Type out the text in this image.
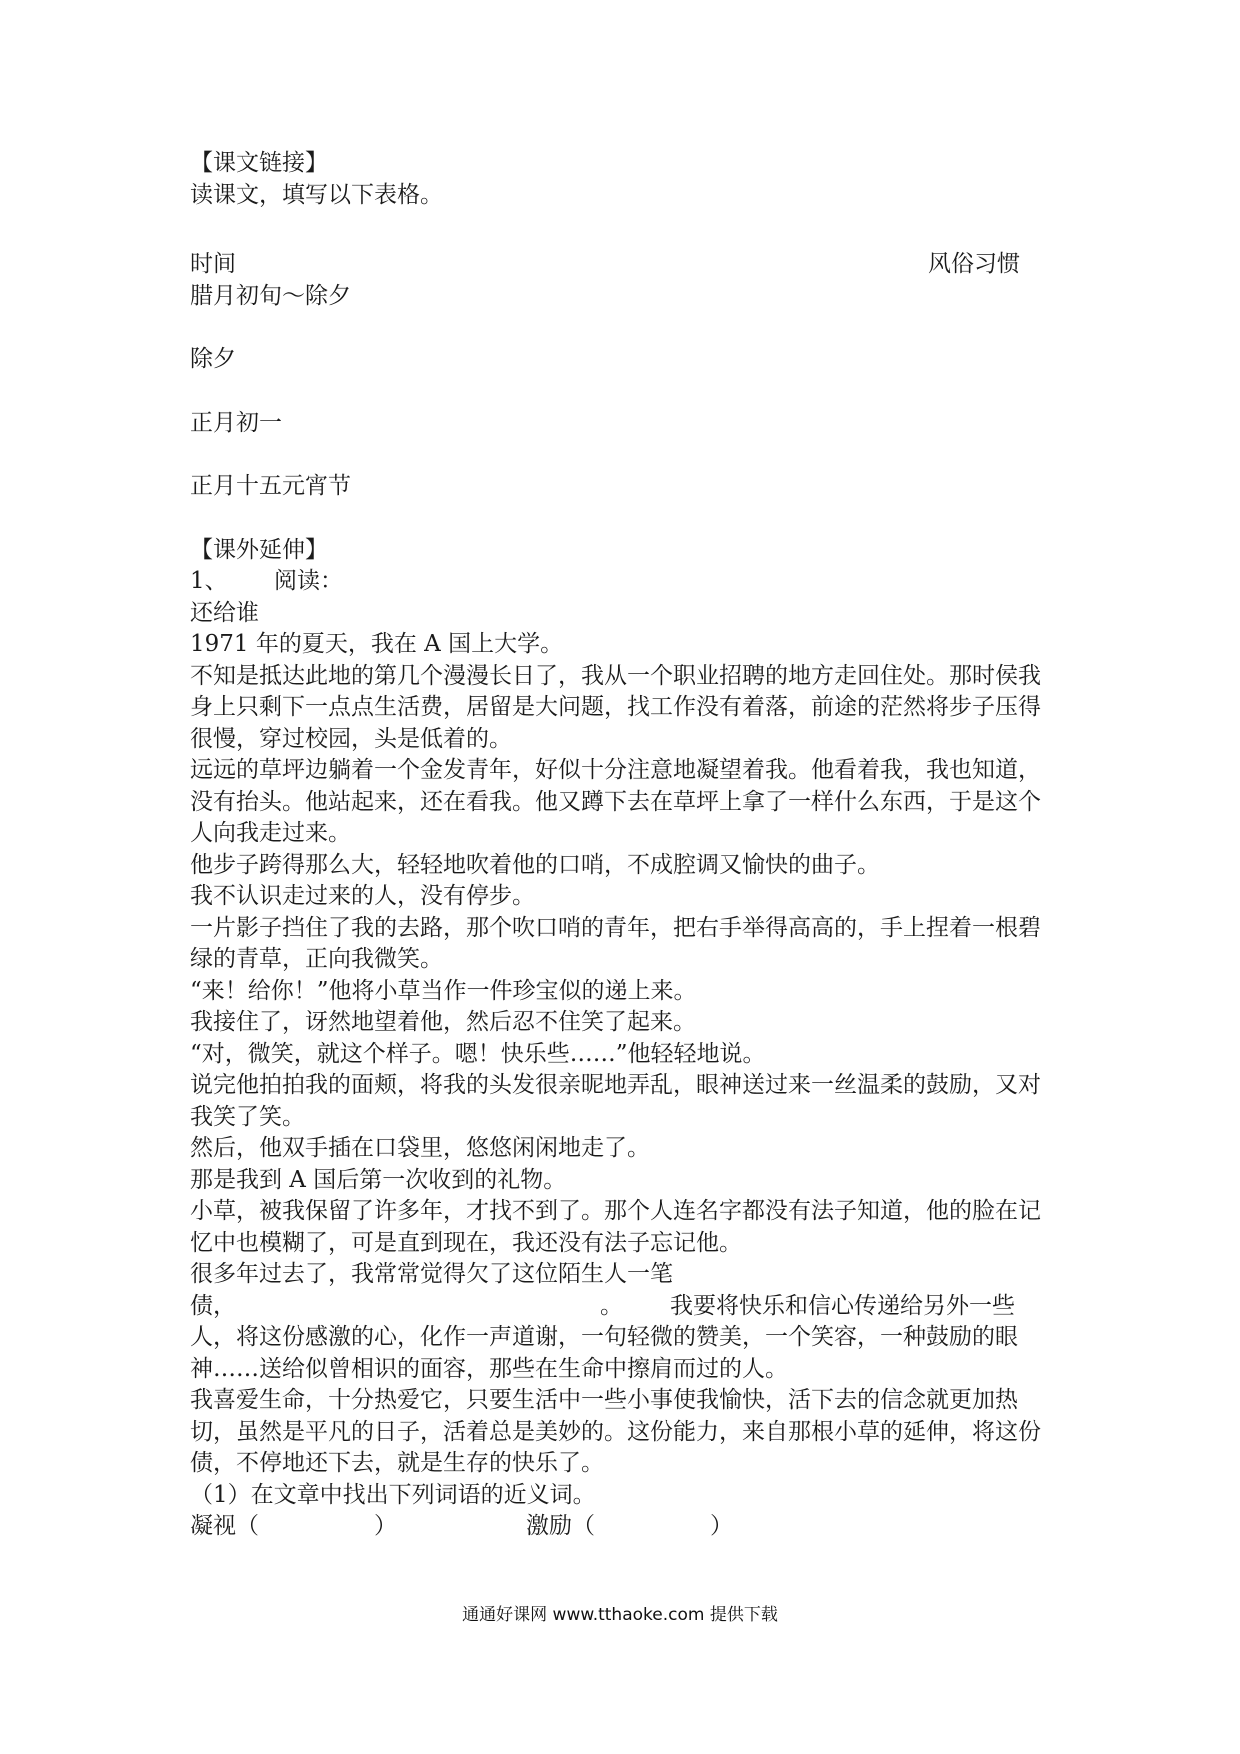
【课文链接】

读课文，填写以下表格。

时间	风俗习惯

腊月初旬～除夕

除夕

正月初一

正月十五元宵节

【课外延伸】

1、	阅读：

还给谁

1971 年的夏天，我在 A 国上大学。

不知是抵达此地的第几个漫漫长日了，我从一个职业招聘的地方走回住处。那时侯我身上只剩下一点点生活费，居留是大问题，找工作没有着落，前途的茫然将步子压得很慢，穿过校园，头是低着的。

远远的草坪边躺着一个金发青年，好似十分注意地凝望着我。他看着我，我也知道，没有抬头。他站起来，还在看我。他又蹲下去在草坪上拿了一样什么东西，于是这个人向我走过来。

他步子跨得那么大，轻轻地吹着他的口哨，不成腔调又愉快的曲子。

我不认识走过来的人，没有停步。

一片影子挡住了我的去路，那个吹口哨的青年，把右手举得高高的，手上捏着一根碧绿的青草，正向我微笑。

“来！给你！”他将小草当作一件珍宝似的递上来。

我接住了，讶然地望着他，然后忍不住笑了起来。

“对，微笑，就这个样子。嗯！快乐些……”他轻轻地说。

说完他拍拍我的面颊，将我的头发很亲昵地弄乱，眼神送过来一丝温柔的鼓励，又对我笑了笑。

然后，他双手插在口袋里，悠悠闲闲地走了。

那是我到 A 国后第一次收到的礼物。

小草，被我保留了许多年，才找不到了。那个人连名字都没有法子知道，他的脸在记忆中也模糊了，可是直到现在，我还没有法子忘记他。

很多年过去了，我常常觉得欠了这位陌生人一笔

债，	。 我要将快乐和信心传递给另外一些人，将这份感激的心，化作一声道谢，一句轻微的赞美，一个笑容，一种鼓励的眼神……送给似曾相识的面容，那些在生命中擦肩而过的人。

我喜爱生命，十分热爱它，只要生活中一些小事使我愉快，活下去的信念就更加热切，虽然是平凡的日子，活着总是美妙的。这份能力，来自那根小草的延伸，将这份债，不停地还下去，就是生存的快乐了。

（1）在文章中找出下列词语的近义词。

凝视（　　　　　）	激励（　　　　　）
通通好课网 www.tthaoke.com 提供下载
